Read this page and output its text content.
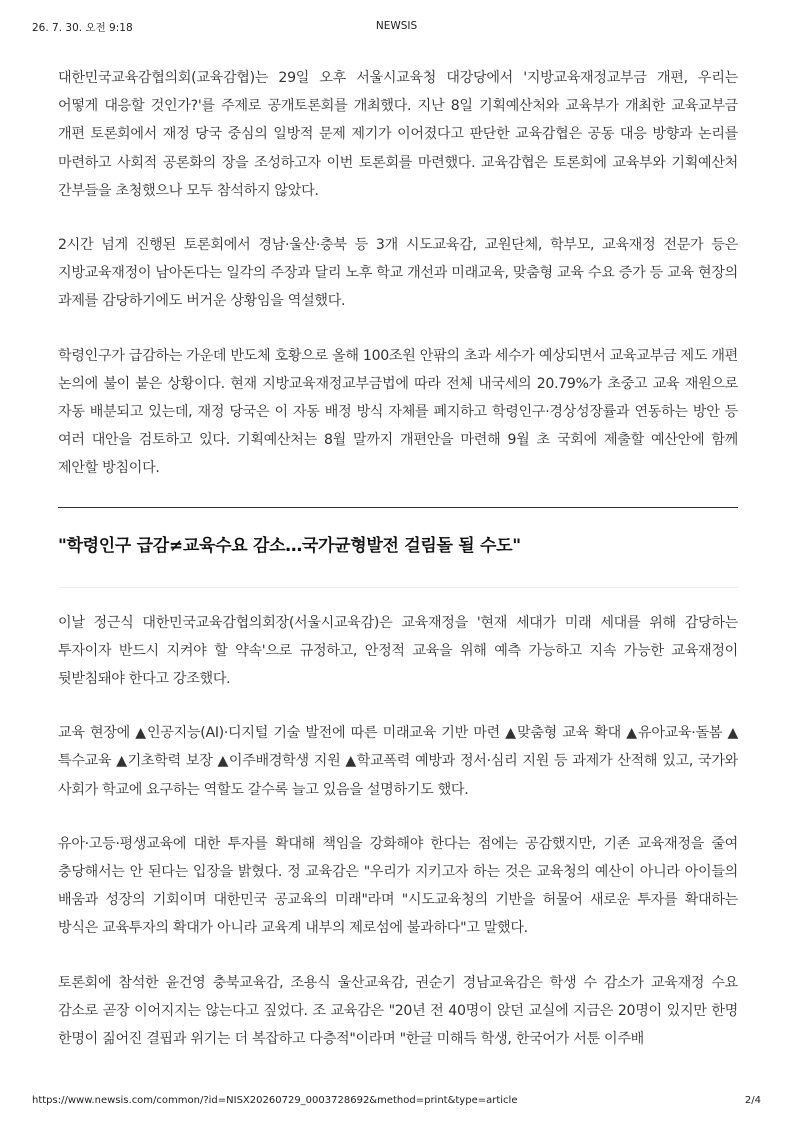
26. 7. 30. 오전 9:18	NEWSIS

대한민국교육감협의회(교육감협)는 29일 오후 서울시교육청 대강당에서 '지방교육재정교부금 개편, 우리는 어떻게 대응할 것인가?'를 주제로 공개토론회를 개최했다. 지난 8일 기획예산처와 교육부가 개최한 교육교부금 개편 토론회에서 재정 당국 중심의 일방적 문제 제기가 이어졌다고 판단한 교육감협은 공동 대응 방향과 논리를 마련하고 사회적 공론화의 장을 조성하고자 이번 토론회를 마련했다. 교육감협은 토론회에 교육부와 기획예산처 간부들을 초청했으나 모두 참석하지 않았다.

2시간 넘게 진행된 토론회에서 경남·울산·충북 등 3개 시도교육감, 교원단체, 학부모, 교육재정 전문가 등은 지방교육재정이 남아돈다는 일각의 주장과 달리 노후 학교 개선과 미래교육, 맞춤형 교육 수요 증가 등 교육 현장의 과제를 감당하기에도 버거운 상황임을 역설했다.

학령인구가 급감하는 가운데 반도체 호황으로 올해 100조원 안팎의 초과 세수가 예상되면서 교육교부금 제도 개편 논의에 불이 붙은 상황이다. 현재 지방교육재정교부금법에 따라 전체 내국세의 20.79%가 초중고 교육 재원으로 자동 배분되고 있는데, 재정 당국은 이 자동 배정 방식 자체를 폐지하고 학령인구·경상성장률과 연동하는 방안 등 여러 대안을 검토하고 있다. 기획예산처는 8월 말까지 개편안을 마련해 9월 초 국회에 제출할 예산안에 함께 제안할 방침이다.

"학령인구 급감≠교육수요 감소…국가균형발전 걸림돌 될 수도"

이날 정근식 대한민국교육감협의회장(서울시교육감)은 교육재정을 '현재 세대가 미래 세대를 위해 감당하는 투자이자 반드시 지켜야 할 약속'으로 규정하고, 안정적 교육을 위해 예측 가능하고 지속 가능한 교육재정이 뒷받침돼야 한다고 강조했다.

교육 현장에 ▲인공지능(AI)·디지털 기술 발전에 따른 미래교육 기반 마련 ▲맞춤형 교육 확대 ▲유아교육·돌봄 ▲특수교육 ▲기초학력 보장 ▲이주배경학생 지원 ▲학교폭력 예방과 정서·심리 지원 등 과제가 산적해 있고, 국가와 사회가 학교에 요구하는 역할도 갈수록 늘고 있음을 설명하기도 했다.

유아·고등·평생교육에 대한 투자를 확대해 책임을 강화해야 한다는 점에는 공감했지만, 기존 교육재정을 줄여 충당해서는 안 된다는 입장을 밝혔다. 정 교육감은 "우리가 지키고자 하는 것은 교육청의 예산이 아니라 아이들의 배움과 성장의 기회이며 대한민국 공교육의 미래"라며 "시도교육청의 기반을 허물어 새로운 투자를 확대하는 방식은 교육투자의 확대가 아니라 교육계 내부의 제로섬에 불과하다"고 말했다.

토론회에 참석한 윤건영 충북교육감, 조용식 울산교육감, 권순기 경남교육감은 학생 수 감소가 교육재정 수요 감소로 곧장 이어지지는 않는다고 짚었다. 조 교육감은 "20년 전 40명이 앉던 교실에 지금은 20명이 있지만 한명 한명이 짊어진 결핍과 위기는 더 복잡하고 다층적"이라며 "한글 미해득 학생, 한국어가 서툰 이주배

https://www.newsis.com/common/?id=NISX20260729_0003728692&method=print&type=article	2/4
